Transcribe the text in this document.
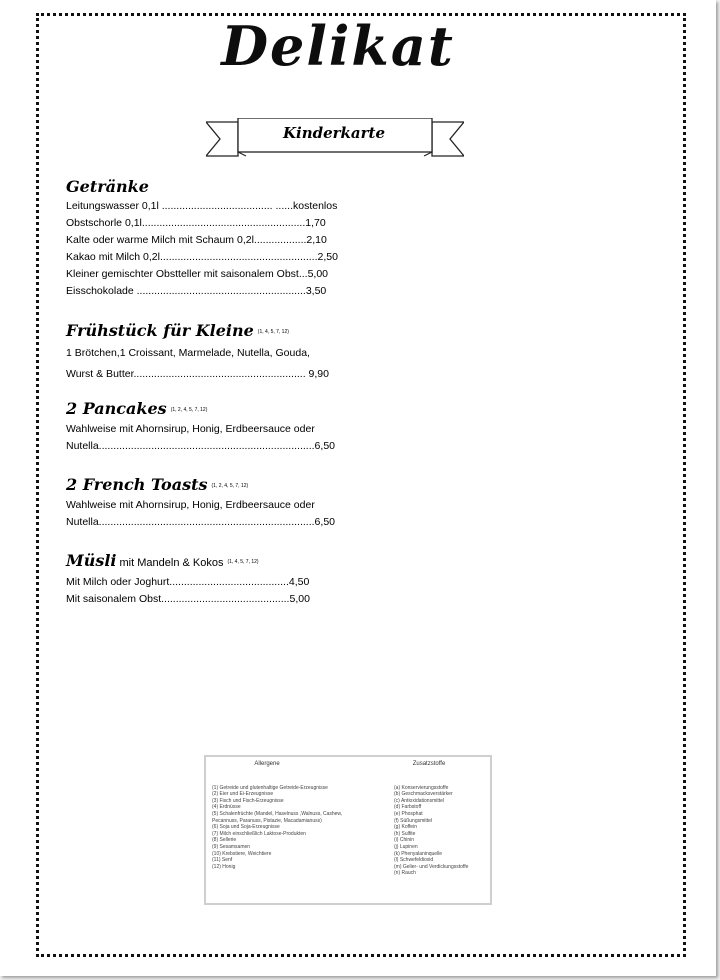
Delikat
Kinderkarte
Getränke
Leitungswasser 0,1l ...................................... ......kostenlos
Obstschorle 0,1l........................................................1,70
Kalte oder warme Milch mit Schaum 0,2l..................2,10
Kakao mit Milch 0,2l......................................................2,50
Kleiner gemischter Obstteller mit saisonalem Obst...5,00
Eisschokolade ..........................................................3,50
Frühstück für Kleine (1, 4, 5, 7, 12)
1 Brötchen,1 Croissant, Marmelade, Nutella, Gouda,
Wurst & Butter........................................................... 9,90
2 Pancakes (1, 2, 4, 5, 7, 12)
Wahlweise mit Ahornsirup, Honig, Erdbeersauce oder
Nutella..........................................................................6,50
2 French Toasts (1, 2, 4, 5, 7, 12)
Wahlweise mit Ahornsirup, Honig, Erdbeersauce oder
Nutella..........................................................................6,50
Müsli mit Mandeln & Kokos (1, 4, 5, 7, 12)
Mit Milch oder Joghurt.........................................4,50
Mit saisonalem Obst............................................5,00
Allergene
(1) Getreide und glutenhaltige Getreide-Erzeugnisse
(2) Eier und Ei-Erzeugnisse
(3) Fisch und Fisch-Erzeugnisse
(4) Erdnüsse
(5) Schalenfrüchte (Mandel, Haselnuss ,Walnuss, Cashew,
Pecannuss, Paranuss, Pistazie, Macadamianuss)
(6) Soja und Soja-Erzeugnisse
(7) Milch einschließlich Laktose-Produkten
(8) Sellerie
(9) Sesamsamen
(10) Krebstiere, Weichtiere
(11) Senf
(12) Honig
Zusatzstoffe
(a) Konservierungsstoffe
(b) Geschmacksverstärker
(c) Antioxidationsmittel
(d) Farbstoff
(e) Phosphat
(f) Süßungsmittel
(g) Koffein
(h) Sulfite
(i) Chinin
(j) Lupinen
(k) Phenyalaninquelle
(l) Schwefeldioxid
(m) Gelier- und Verdickungsstoffe
(n) Rauch
